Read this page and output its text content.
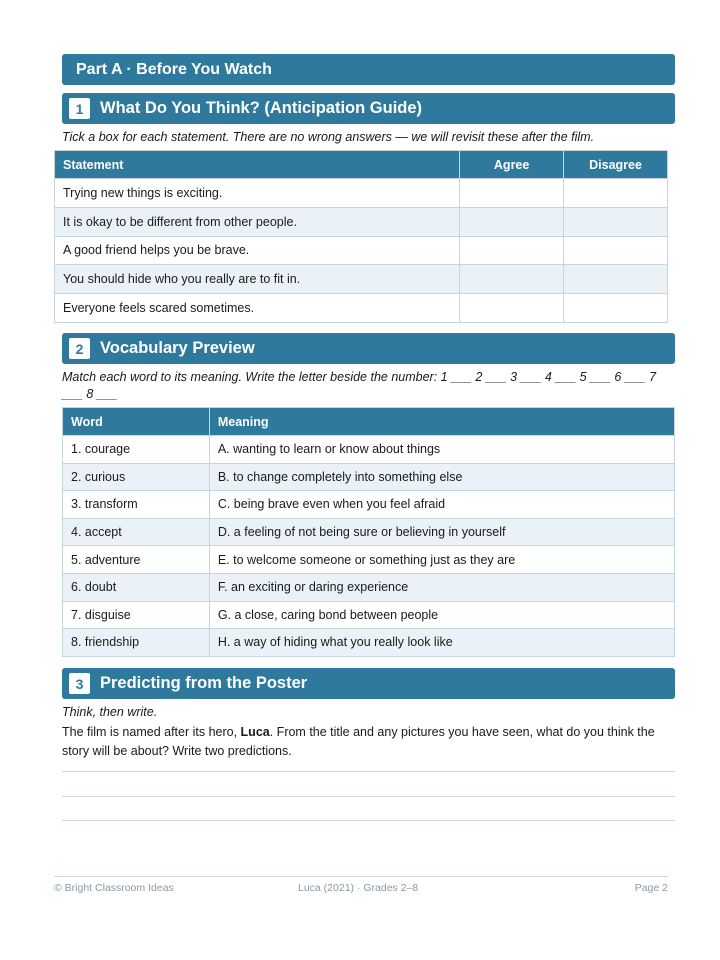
Part A · Before You Watch
1	What Do You Think? (Anticipation Guide)
Tick a box for each statement. There are no wrong answers — we will revisit these after the film.
Statement	Agree	Disagree
Trying new things is exciting.		
It is okay to be different from other people.		
A good friend helps you be brave.		
You should hide who you really are to fit in.		
Everyone feels scared sometimes.		
2	Vocabulary Preview
Match each word to its meaning. Write the letter beside the number: 1 ___ 2 ___ 3 ___ 4 ___ 5 ___ 6 ___ 7 ___ 8 ___
Word	Meaning
1. courage	A. wanting to learn or know about things
2. curious	B. to change completely into something else
3. transform	C. being brave even when you feel afraid
4. accept	D. a feeling of not being sure or believing in yourself
5. adventure	E. to welcome someone or something just as they are
6. doubt	F. an exciting or daring experience
7. disguise	G. a close, caring bond between people
8. friendship	H. a way of hiding what you really look like
3	Predicting from the Poster
Think, then write.
The film is named after its hero, Luca. From the title and any pictures you have seen, what do you think the story will be about? Write two predictions.
© Bright Classroom Ideas	Luca (2021) · Grades 2–8	Page 2
